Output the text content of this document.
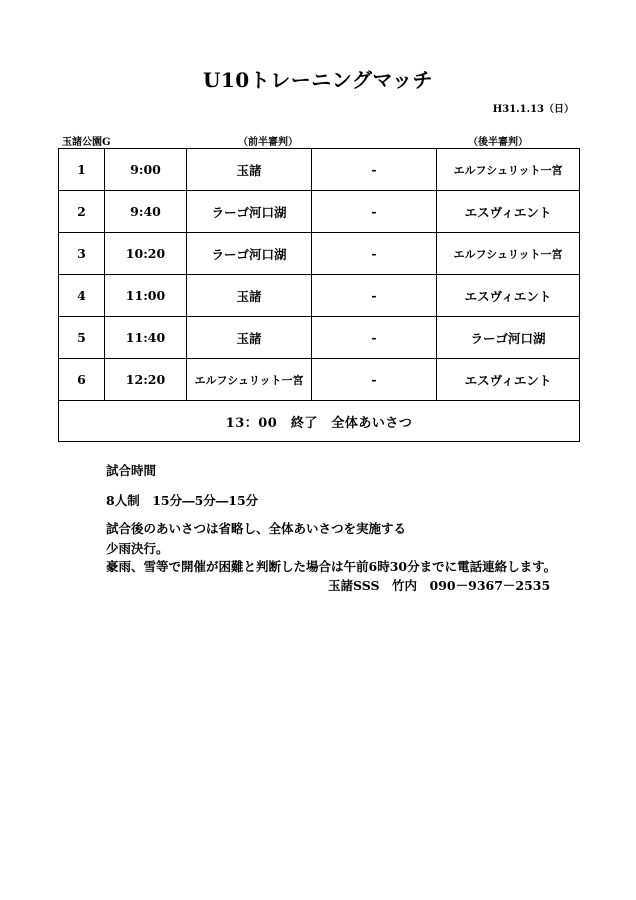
U10トレーニングマッチ
H31.1.13（日）
玉諸公園G	（前半審判）	（後半審判）
1	9:00	玉諸	-	エルフシュリット一宮
2	9:40	ラーゴ河口湖	-	エスヴィエント
3	10:20	ラーゴ河口湖	-	エルフシュリット一宮
4	11:00	玉諸	-	エスヴィエント
5	11:40	玉諸	-	ラーゴ河口湖
6	12:20	エルフシュリット一宮	-	エスヴィエント
13：00　終了　全体あいさつ				
試合時間
8人制　15分―5分―15分
試合後のあいさつは省略し、全体あいさつを実施する
少雨決行。
豪雨、雪等で開催が困難と判断した場合は午前6時30分までに電話連絡します。
玉諸SSS　竹内　090－9367－2535
